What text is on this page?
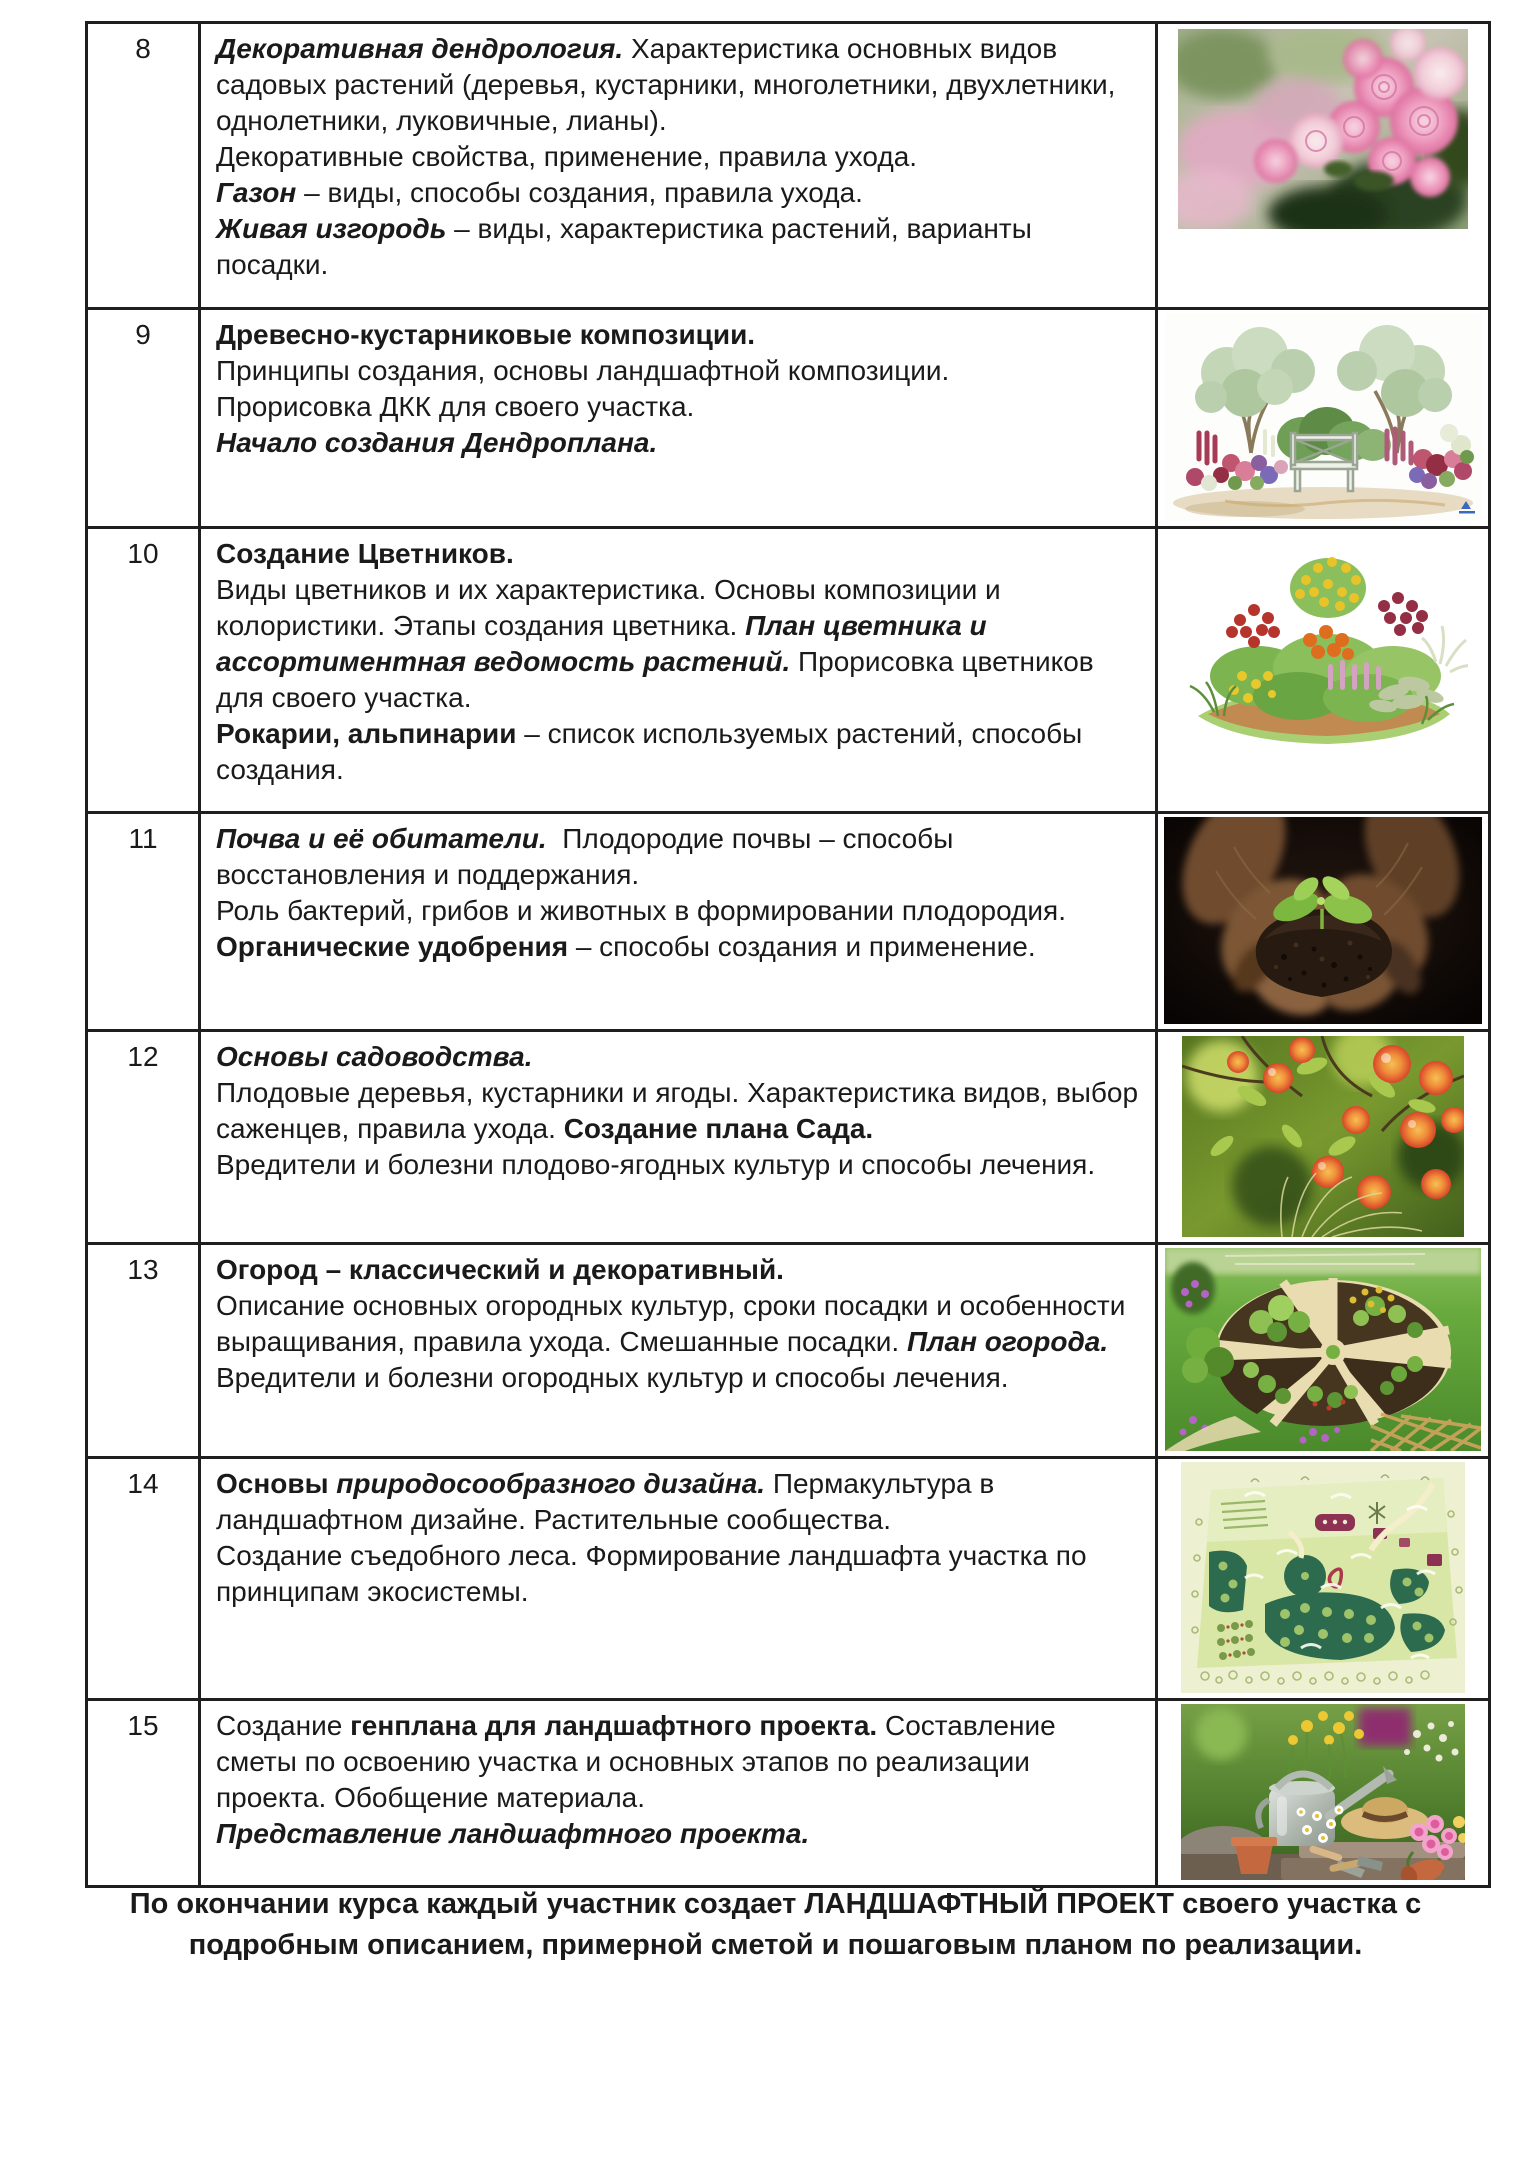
8	Декоративная дендрология. Характеристика основных видов садовых растений (деревья, кустарники, многолетники, двухлетники, однолетники, луковичные, лианы).
Декоративные свойства, применение, правила ухода.
Газон – виды, способы создания, правила ухода.
Живая изгородь – виды, характеристика растений, варианты посадки.

9	Древесно-кустарниковые композиции.
Принципы создания, основы ландшафтной композиции.
Прорисовка ДКК для своего участка.
Начало создания Дендроплана.

10	Создание Цветников.
Виды цветников и их характеристика. Основы композиции и колористики. Этапы создания цветника. План цветника и ассортиментная ведомость растений. Прорисовка цветников для своего участка.
Рокарии, альпинарии – список используемых растений, способы создания.

11	Почва и её обитатели.  Плодородие почвы – способы восстановления и поддержания.
Роль бактерий, грибов и животных в формировании плодородия. Органические удобрения – способы создания и применение.

12	Основы садоводства.
Плодовые деревья, кустарники и ягоды. Характеристика видов, выбор саженцев, правила ухода. Создание плана Сада.
Вредители и болезни плодово-ягодных культур и способы лечения.

13	Огород – классический и декоративный.
Описание основных огородных культур, сроки посадки и особенности выращивания, правила ухода. Смешанные посадки. План огорода.
Вредители и болезни огородных культур и способы лечения.

14	Основы природосообразного дизайна. Пермакультура в ландшафтном дизайне. Растительные сообщества.
Создание съедобного леса. Формирование ландшафта участка по принципам экосистемы.

15	Создание генплана для ландшафтного проекта. Составление сметы по освоению участка и основных этапов по реализации проекта. Обобщение материала.
Представление ландшафтного проекта.

По окончании курса каждый участник создает ЛАНДШАФТНЫЙ ПРОЕКТ своего участка с подробным описанием, примерной сметой и пошаговым планом по реализации.
